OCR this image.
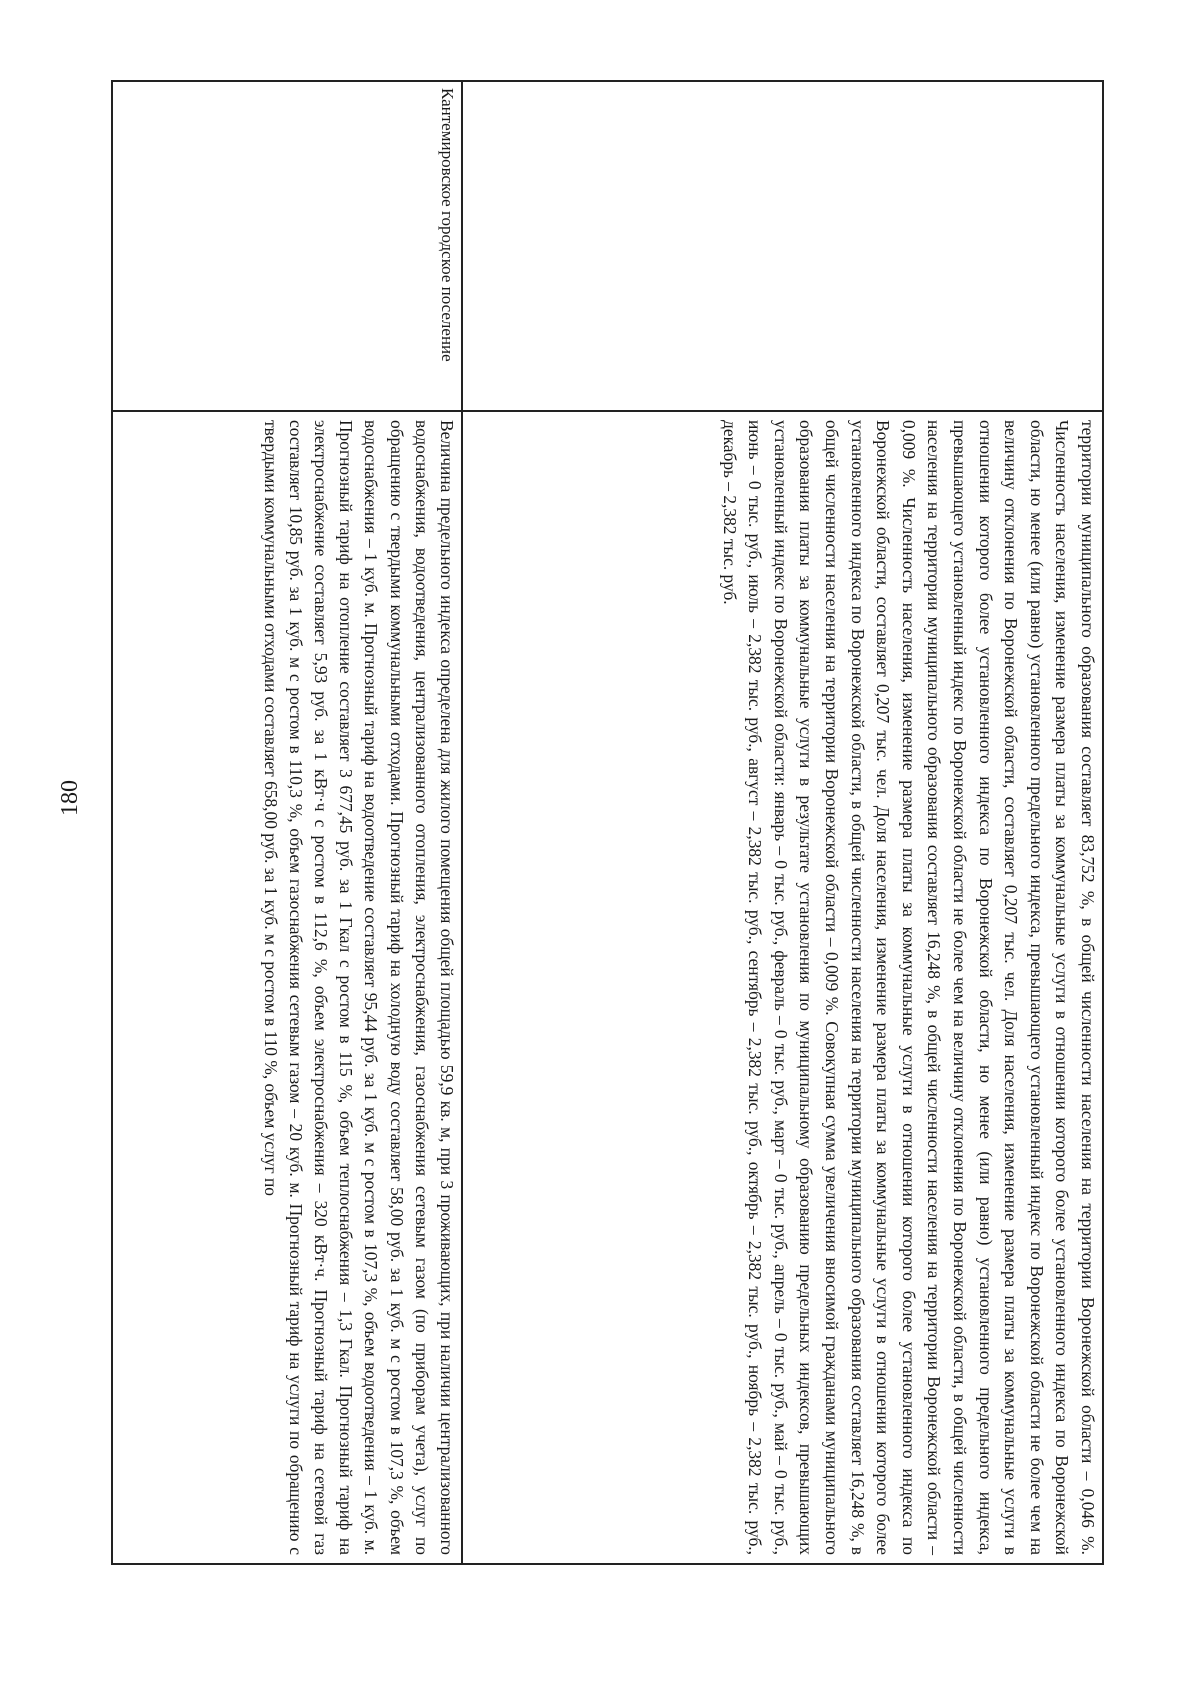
180	территории муниципального образования составляет 83,752 %, в общей численности населения на территории Воронежской области – 0,046 %. Численность населения, изменение размера платы за коммунальные услуги в отношении которого более установленного индекса по Воронежской области, но менее (или равно) установленного предельного индекса, превышающего установленный индекс по Воронежской области не более чем на величину отклонения по Воронежской области, составляет 0,207 тыс. чел. Доля населения, изменение размера платы за коммунальные услуги в отношении которого более установленного индекса по Воронежской области, но менее (или равно) установленного предельного индекса, превышающего установленный индекс по Воронежской области не более чем на величину отклонения по Воронежской области, в общей численности населения на территории муниципального образования составляет 16,248 %, в общей численности населения на территории Воронежской области – 0,009 %. Численность населения, изменение размера платы за коммунальные услуги в отношении которого более установленного индекса по Воронежской области, составляет 0,207 тыс. чел. Доля населения, изменение размера платы за коммунальные услуги в отношении которого более установленного индекса по Воронежской области, в общей численности населения на территории муниципального образования составляет 16,248 %, в общей численности населения на территории Воронежской области – 0,009 %. Совокупная сумма увеличения вносимой гражданами муниципального образования платы за коммунальные услуги в результате установления по муниципальному образованию предельных индексов, превышающих установленный индекс по Воронежской области: январь – 0 тыс. руб., февраль – 0 тыс. руб., март – 0 тыс. руб., апрель – 0 тыс. руб., май – 0 тыс. руб., июнь – 0 тыс. руб., июль – 2,382 тыс. руб., август – 2,382 тыс. руб., сентябрь – 2,382 тыс. руб., октябрь – 2,382 тыс. руб., ноябрь – 2,382 тыс. руб., декабрь – 2,382 тыс. руб.
Кантемировское городское поселение
Величина предельного индекса определена для жилого помещения общей площадью 59,9 кв. м, при 3 проживающих, при наличии централизованного водоснабжения, водоотведения, централизованного отопления, электроснабжения, газоснабжения сетевым газом (по приборам учета), услуг по обращению с твердыми коммунальными отходами. Прогнозный тариф на холодную воду составляет 58,00 руб. за 1 куб. м с ростом в 107,3 %, объем водоснабжения – 1 куб. м. Прогнозный тариф на водоотведение составляет 95,44 руб. за 1 куб. м с ростом в 107,3 %, объем водоотведения – 1 куб. м. Прогнозный тариф на отопление составляет 3 677,45 руб. за 1 Гкал с ростом в 115 %, объем теплоснабжения – 1,3 Гкал. Прогнозный тариф на электроснабжение составляет 5,93 руб. за 1 кВт·ч с ростом в 112,6 %, объем электроснабжения – 320 кВт·ч. Прогнозный тариф на сетевой газ составляет 10,85 руб. за 1 куб. м с ростом в 110,3 %, объем газоснабжения сетевым газом – 20 куб. м. Прогнозный тариф на услуги по обращению с твердыми коммунальными отходами составляет 658,00 руб. за 1 куб. м с ростом в 110 %, объем услуг по
